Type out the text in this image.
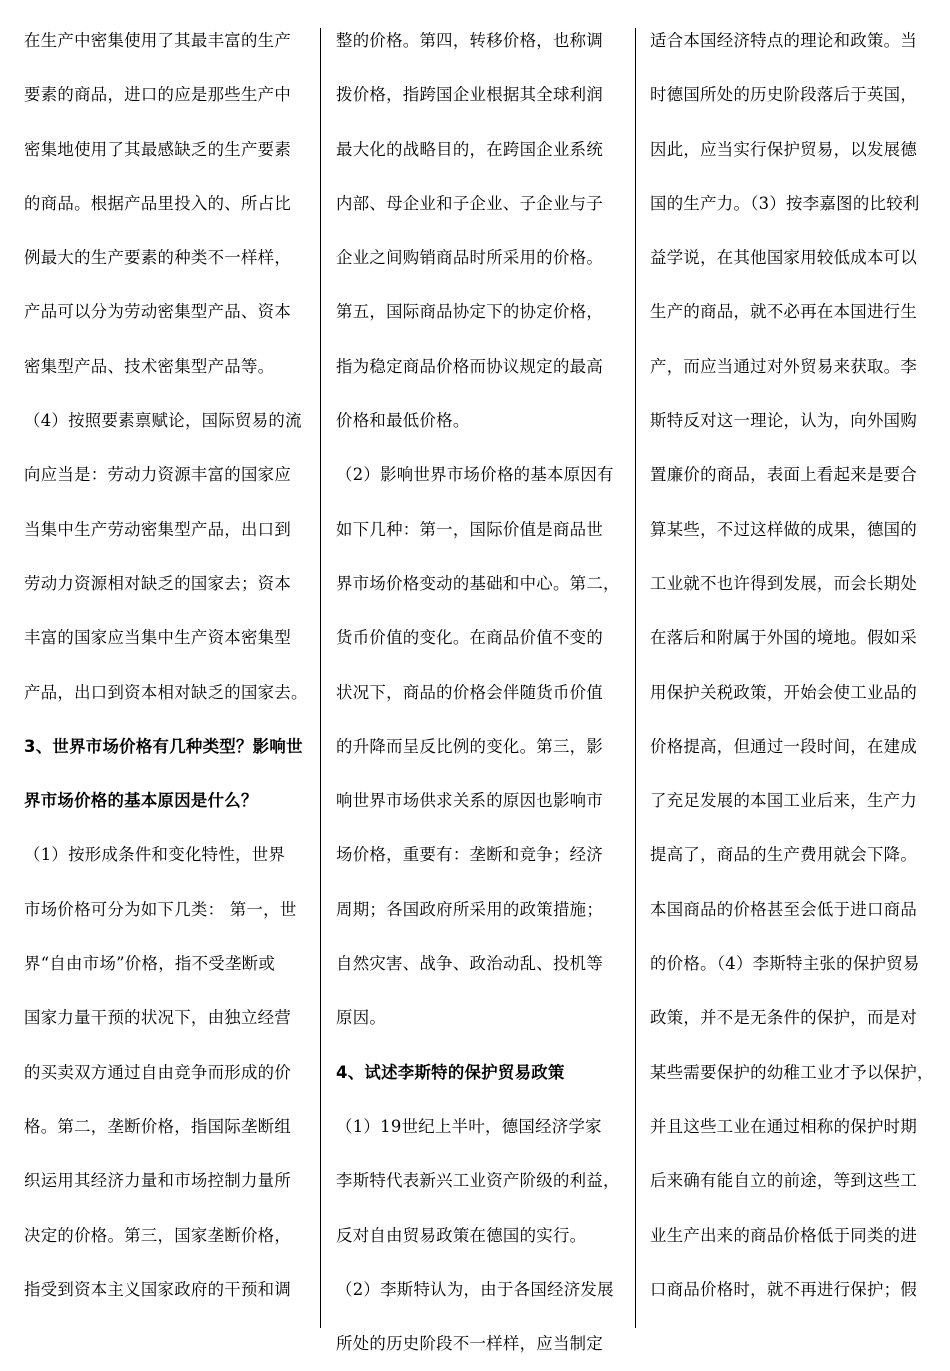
在生产中密集使用了其最丰富的生产
要素的商品，进口的应是那些生产中
密集地使用了其最感缺乏的生产要素
的商品。根据产品里投入的、所占比
例最大的生产要素的种类不一样样，
产品可以分为劳动密集型产品、资本
密集型产品、技术密集型产品等。
（4）按照要素禀赋论，国际贸易的流
向应当是：劳动力资源丰富的国家应
当集中生产劳动密集型产品，出口到
劳动力资源相对缺乏的国家去；资本
丰富的国家应当集中生产资本密集型
产品，出口到资本相对缺乏的国家去。
3、世界市场价格有几种类型？影响世
界市场价格的基本原因是什么？
（1）按形成条件和变化特性，世界
市场价格可分为如下几类： 第一，世
界“自由市场”价格，指不受垄断或
国家力量干预的状况下，由独立经营
的买卖双方通过自由竞争而形成的价
格。第二，垄断价格，指国际垄断组
织运用其经济力量和市场控制力量所
决定的价格。第三，国家垄断价格，
指受到资本主义国家政府的干预和调
整的价格。第四，转移价格，也称调
拨价格，指跨国企业根据其全球利润
最大化的战略目的，在跨国企业系统
内部、母企业和子企业、子企业与子
企业之间购销商品时所采用的价格。
第五，国际商品协定下的协定价格，
指为稳定商品价格而协议规定的最高
价格和最低价格。
（2）影响世界市场价格的基本原因有
如下几种：第一，国际价值是商品世
界市场价格变动的基础和中心。第二，
货币价值的变化。在商品价值不变的
状况下，商品的价格会伴随货币价值
的升降而呈反比例的变化。第三，影
响世界市场供求关系的原因也影响市
场价格，重要有：垄断和竞争；经济
周期；各国政府所采用的政策措施；
自然灾害、战争、政治动乱、投机等
原因。
4、试述李斯特的保护贸易政策
（1）19世纪上半叶，德国经济学家
李斯特代表新兴工业资产阶级的利益，
反对自由贸易政策在德国的实行。
（2）李斯特认为，由于各国经济发展
所处的历史阶段不一样样，应当制定
适合本国经济特点的理论和政策。当
时德国所处的历史阶段落后于英国，
因此，应当实行保护贸易，以发展德
国的生产力。（3）按李嘉图的比较利
益学说，在其他国家用较低成本可以
生产的商品，就不必再在本国进行生
产，而应当通过对外贸易来获取。李
斯特反对这一理论，认为，向外国购
置廉价的商品，表面上看起来是要合
算某些，不过这样做的成果，德国的
工业就不也许得到发展，而会长期处
在落后和附属于外国的境地。假如采
用保护关税政策，开始会使工业品的
价格提高，但通过一段时间，在建成
了充足发展的本国工业后来，生产力
提高了，商品的生产费用就会下降。
本国商品的价格甚至会低于进口商品
的价格。（4）李斯特主张的保护贸易
政策，并不是无条件的保护，而是对
某些需要保护的幼稚工业才予以保护，
并且这些工业在通过相称的保护时期
后来确有能自立的前途，等到这些工
业生产出来的商品价格低于同类的进
口商品价格时，就不再进行保护；假
